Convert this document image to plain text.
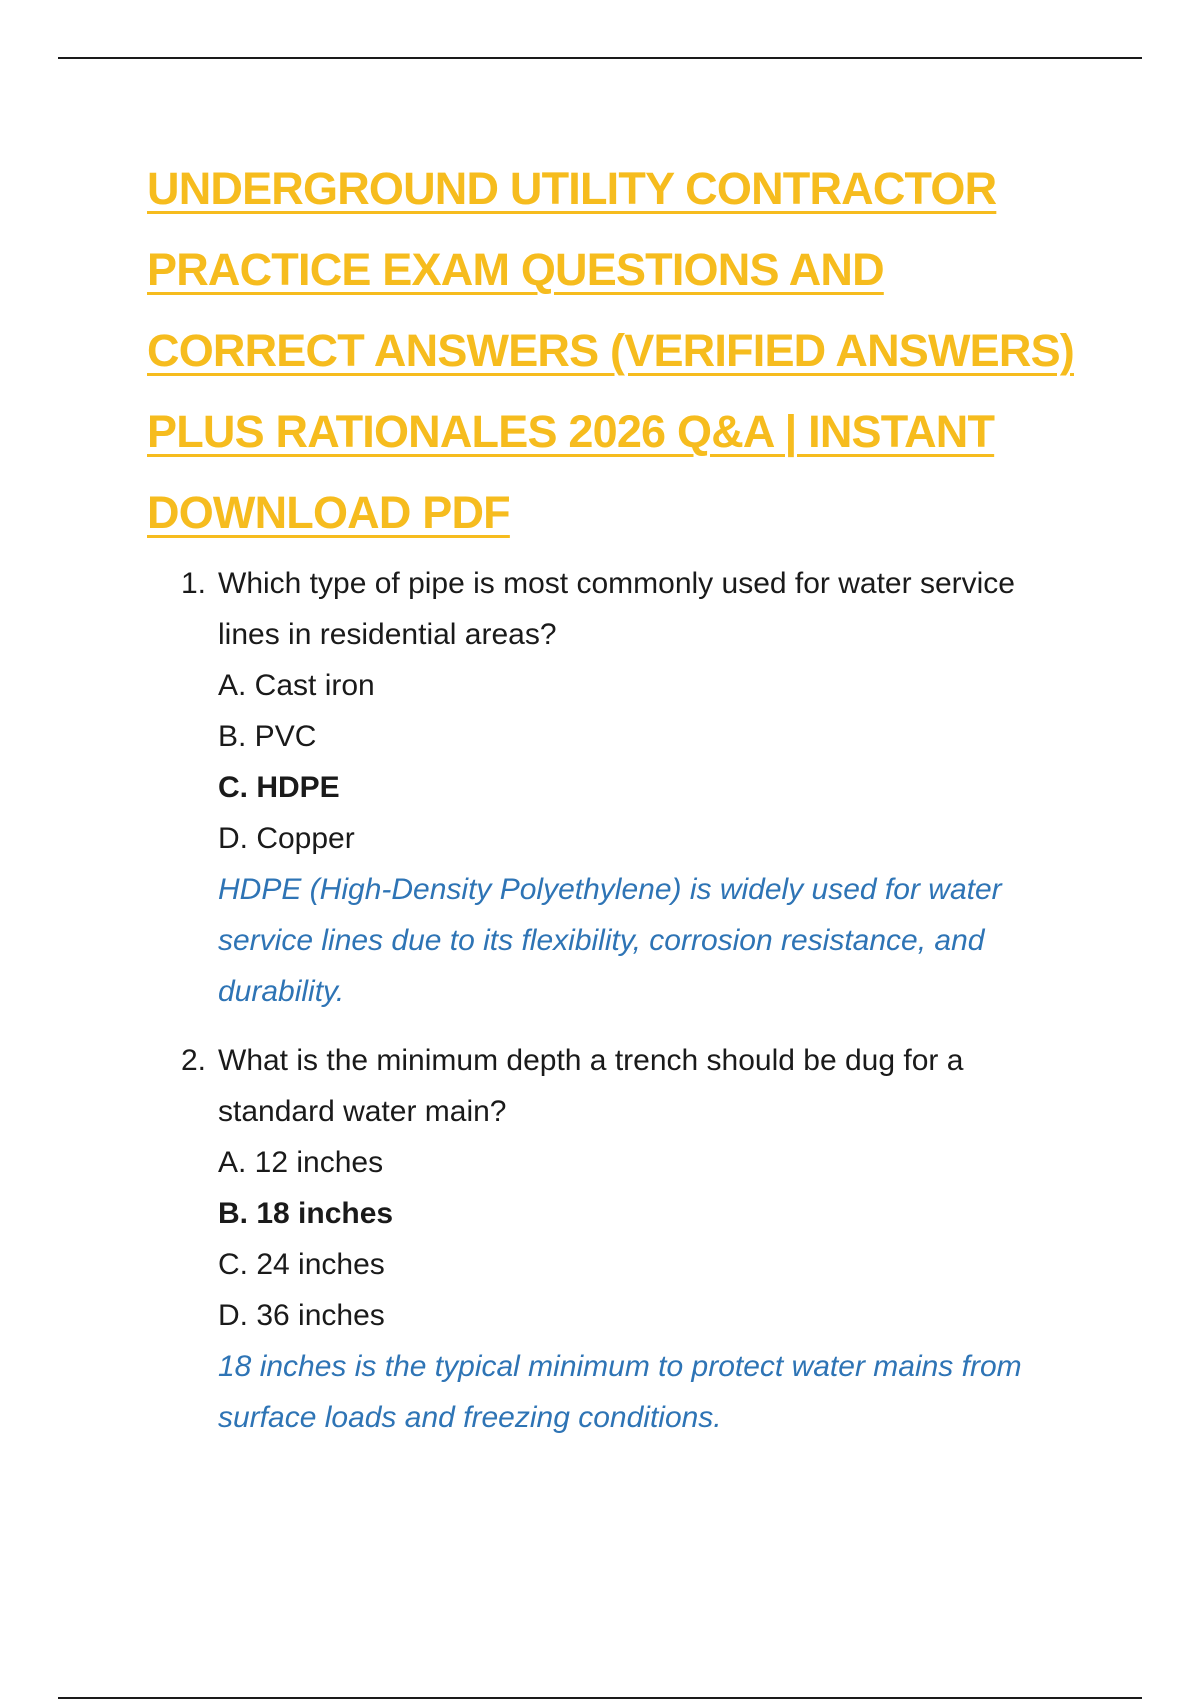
UNDERGROUND UTILITY CONTRACTOR PRACTICE EXAM QUESTIONS AND CORRECT ANSWERS (VERIFIED ANSWERS) PLUS RATIONALES 2026 Q&A | INSTANT DOWNLOAD PDF
1. Which type of pipe is most commonly used for water service lines in residential areas?
A. Cast iron
B. PVC
C. HDPE
D. Copper
HDPE (High-Density Polyethylene) is widely used for water service lines due to its flexibility, corrosion resistance, and durability.
2. What is the minimum depth a trench should be dug for a standard water main?
A. 12 inches
B. 18 inches
C. 24 inches
D. 36 inches
18 inches is the typical minimum to protect water mains from surface loads and freezing conditions.
